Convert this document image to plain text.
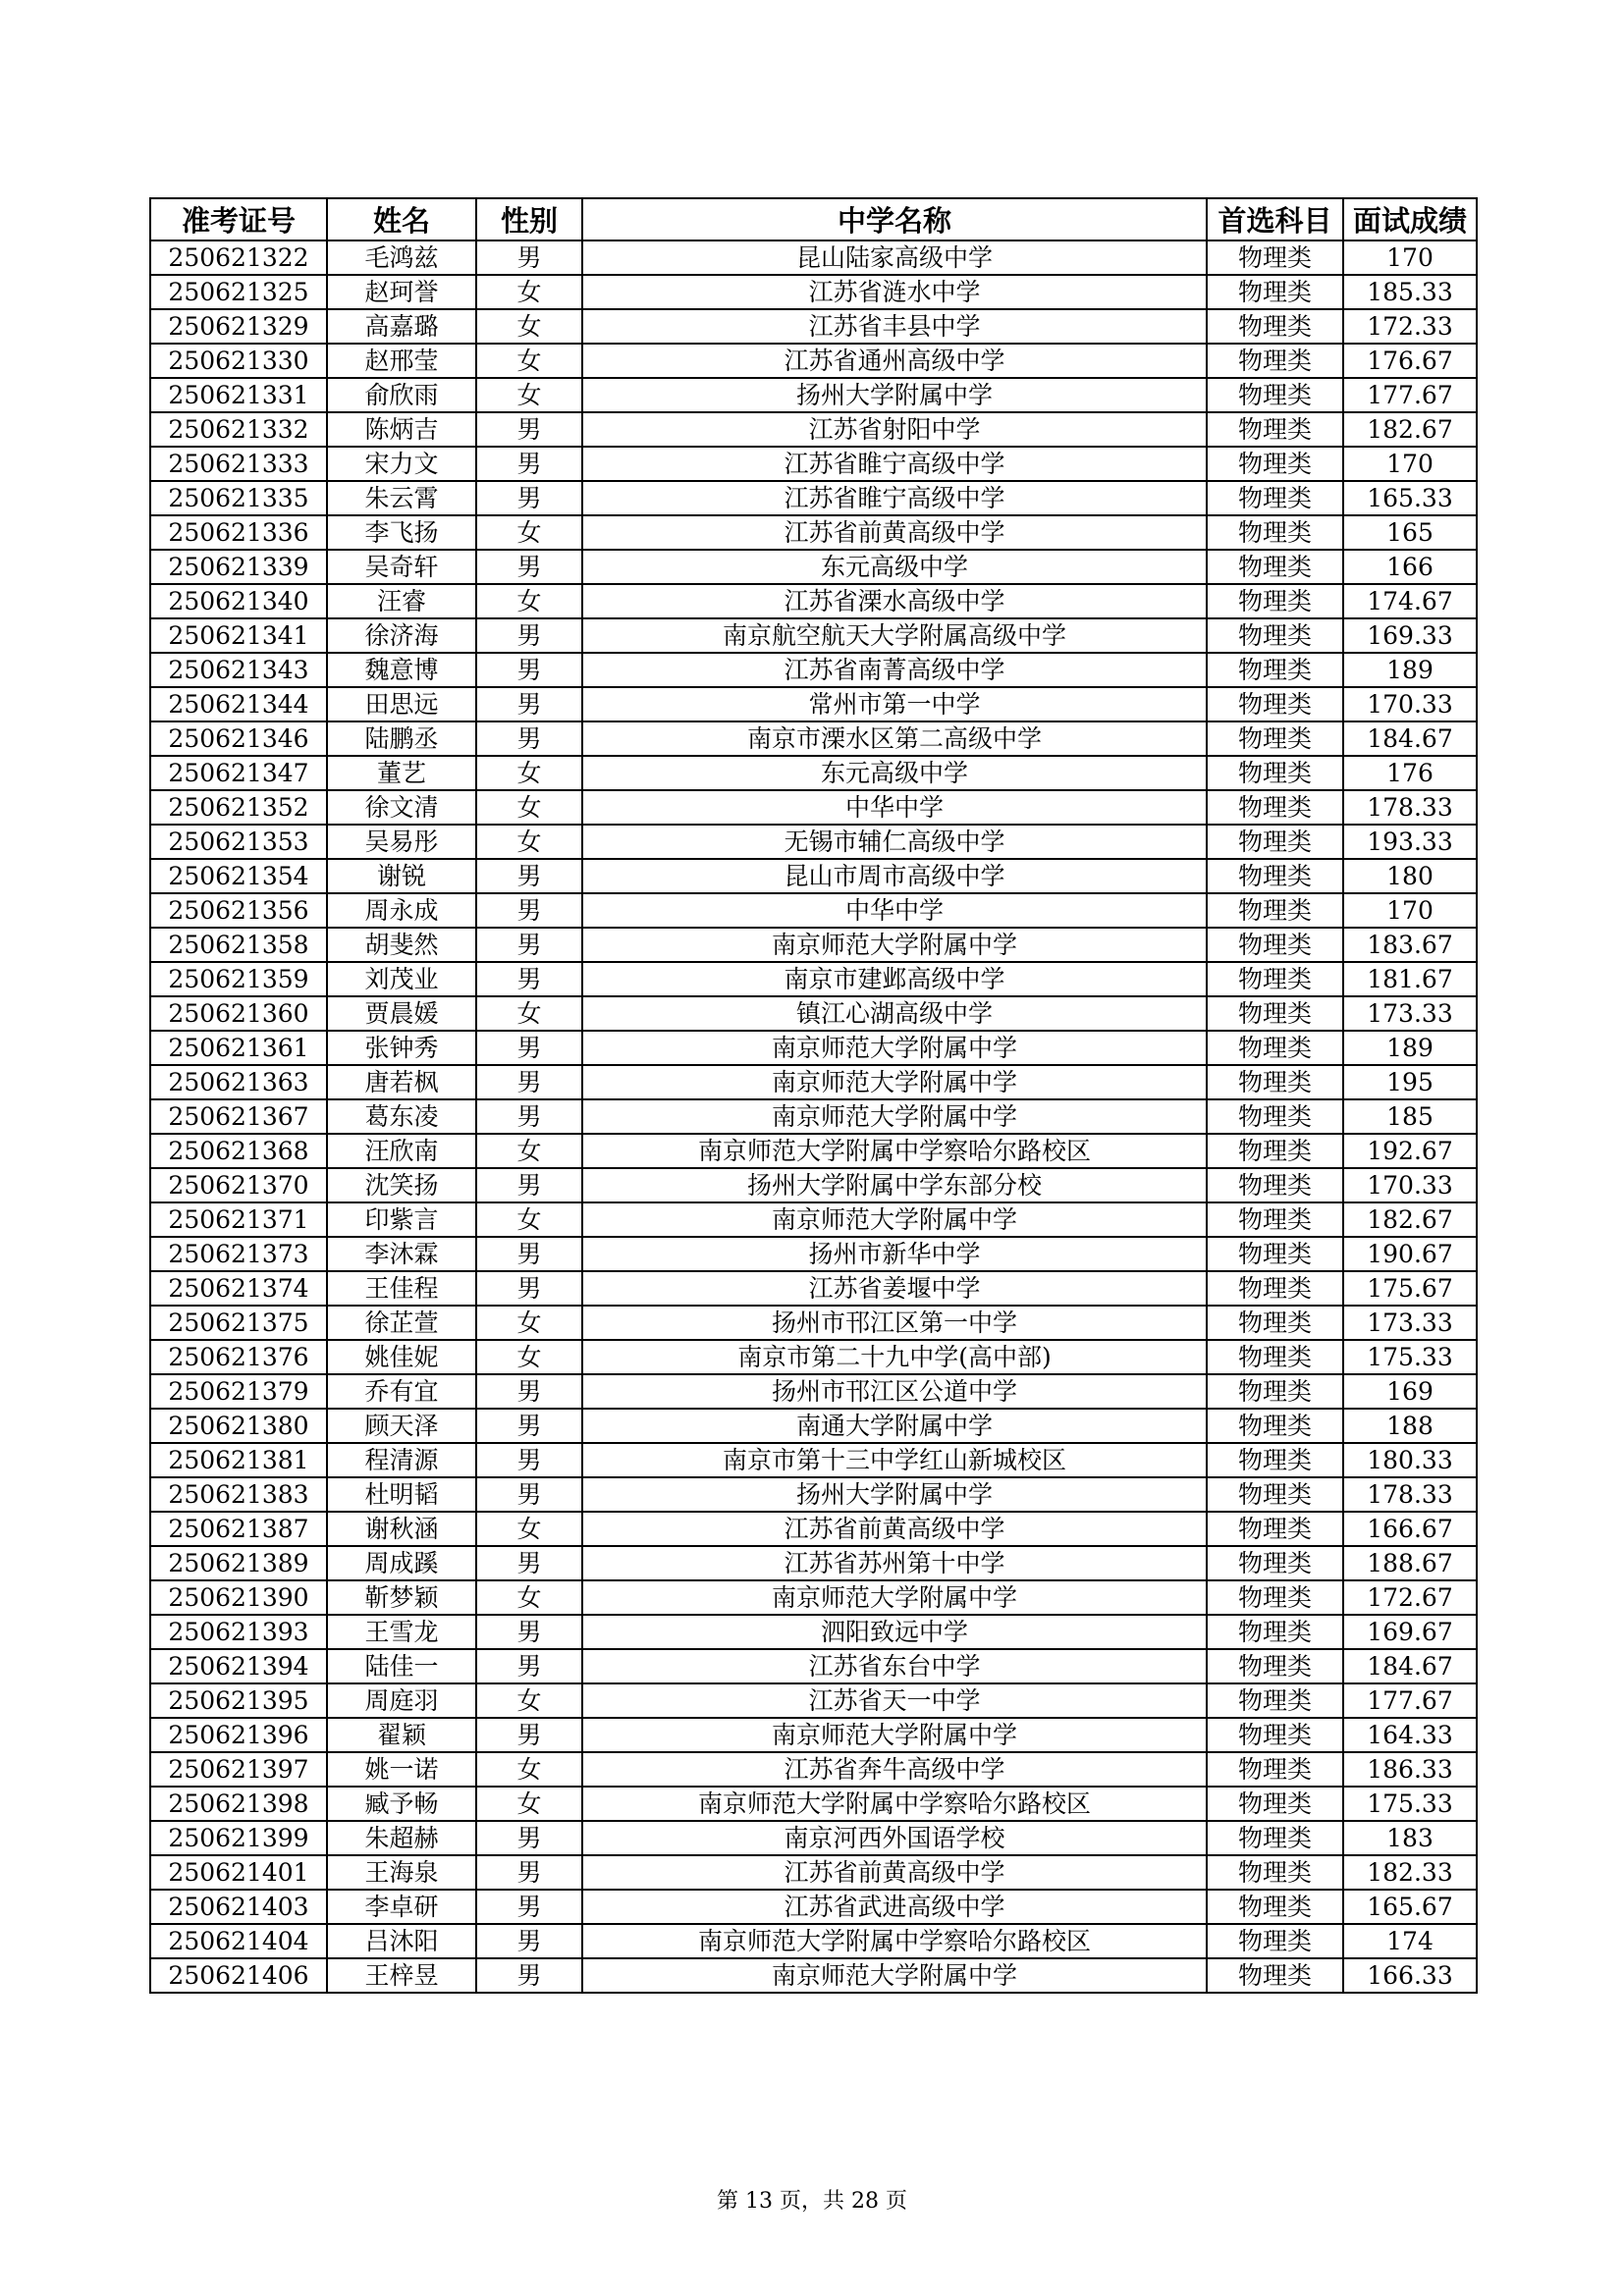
准考证号	姓名	性别	中学名称	首选科目	面试成绩
250621322	毛鸿兹	男	昆山陆家高级中学	物理类	170
250621325	赵珂誉	女	江苏省涟水中学	物理类	185.33
250621329	高嘉璐	女	江苏省丰县中学	物理类	172.33
250621330	赵邢莹	女	江苏省通州高级中学	物理类	176.67
250621331	俞欣雨	女	扬州大学附属中学	物理类	177.67
250621332	陈炳吉	男	江苏省射阳中学	物理类	182.67
250621333	宋力文	男	江苏省睢宁高级中学	物理类	170
250621335	朱云霄	男	江苏省睢宁高级中学	物理类	165.33
250621336	李飞扬	女	江苏省前黄高级中学	物理类	165
250621339	吴奇轩	男	东元高级中学	物理类	166
250621340	汪睿	女	江苏省溧水高级中学	物理类	174.67
250621341	徐济海	男	南京航空航天大学附属高级中学	物理类	169.33
250621343	魏意博	男	江苏省南菁高级中学	物理类	189
250621344	田思远	男	常州市第一中学	物理类	170.33
250621346	陆鹏丞	男	南京市溧水区第二高级中学	物理类	184.67
250621347	董艺	女	东元高级中学	物理类	176
250621352	徐文清	女	中华中学	物理类	178.33
250621353	吴易彤	女	无锡市辅仁高级中学	物理类	193.33
250621354	谢锐	男	昆山市周市高级中学	物理类	180
250621356	周永成	男	中华中学	物理类	170
250621358	胡斐然	男	南京师范大学附属中学	物理类	183.67
250621359	刘茂业	男	南京市建邺高级中学	物理类	181.67
250621360	贾晨媛	女	镇江心湖高级中学	物理类	173.33
250621361	张钟秀	男	南京师范大学附属中学	物理类	189
250621363	唐若枫	男	南京师范大学附属中学	物理类	195
250621367	葛东凌	男	南京师范大学附属中学	物理类	185
250621368	汪欣南	女	南京师范大学附属中学察哈尔路校区	物理类	192.67
250621370	沈笑扬	男	扬州大学附属中学东部分校	物理类	170.33
250621371	印紫言	女	南京师范大学附属中学	物理类	182.67
250621373	李沐霖	男	扬州市新华中学	物理类	190.67
250621374	王佳程	男	江苏省姜堰中学	物理类	175.67
250621375	徐芷萱	女	扬州市邗江区第一中学	物理类	173.33
250621376	姚佳妮	女	南京市第二十九中学(高中部)	物理类	175.33
250621379	乔有宜	男	扬州市邗江区公道中学	物理类	169
250621380	顾天泽	男	南通大学附属中学	物理类	188
250621381	程清源	男	南京市第十三中学红山新城校区	物理类	180.33
250621383	杜明韬	男	扬州大学附属中学	物理类	178.33
250621387	谢秋涵	女	江苏省前黄高级中学	物理类	166.67
250621389	周成蹊	男	江苏省苏州第十中学	物理类	188.67
250621390	靳梦颖	女	南京师范大学附属中学	物理类	172.67
250621393	王雪龙	男	泗阳致远中学	物理类	169.67
250621394	陆佳一	男	江苏省东台中学	物理类	184.67
250621395	周庭羽	女	江苏省天一中学	物理类	177.67
250621396	翟颖	男	南京师范大学附属中学	物理类	164.33
250621397	姚一诺	女	江苏省奔牛高级中学	物理类	186.33
250621398	臧予畅	女	南京师范大学附属中学察哈尔路校区	物理类	175.33
250621399	朱超赫	男	南京河西外国语学校	物理类	183
250621401	王海泉	男	江苏省前黄高级中学	物理类	182.33
250621403	李卓研	男	江苏省武进高级中学	物理类	165.67
250621404	吕沐阳	男	南京师范大学附属中学察哈尔路校区	物理类	174
250621406	王梓昱	男	南京师范大学附属中学	物理类	166.33
第 13 页，共 28 页
